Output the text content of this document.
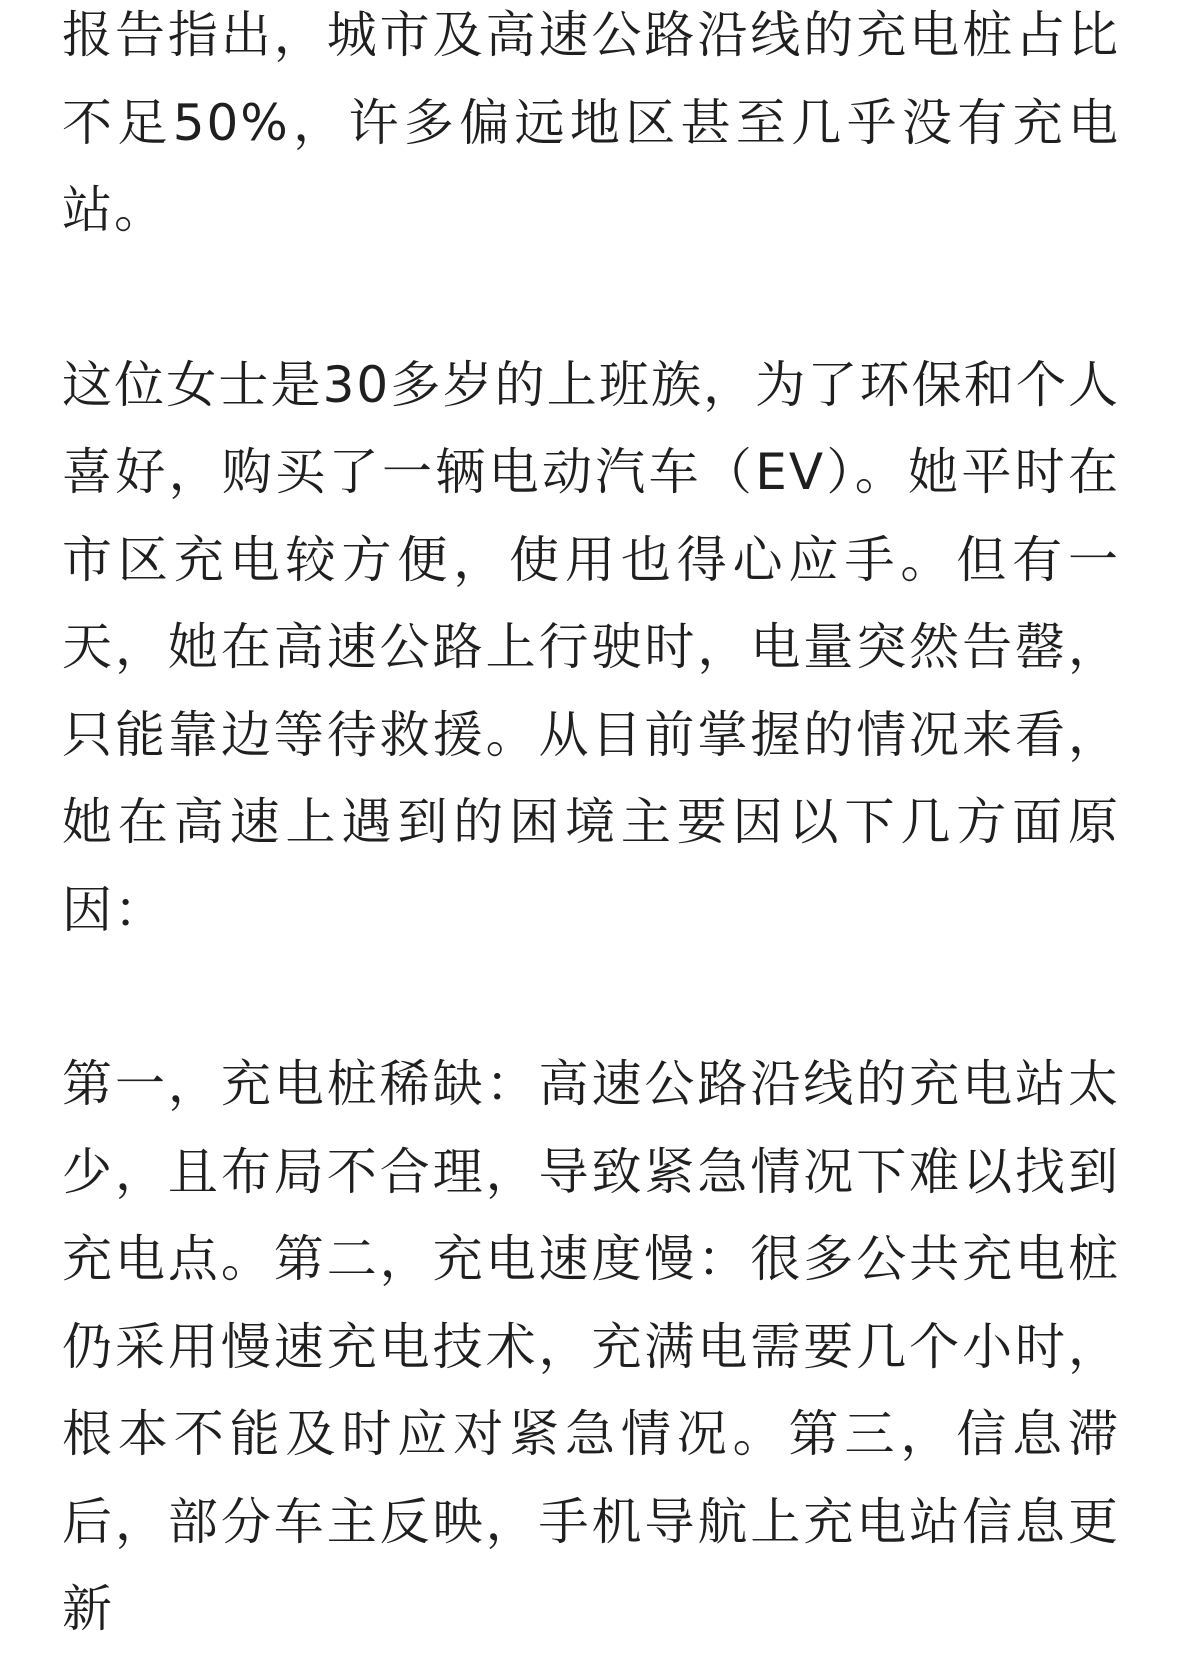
报告指出，城市及高速公路沿线的充电桩占比不足50%，许多偏远地区甚至几乎没有充电站。

这位女士是30多岁的上班族，为了环保和个人喜好，购买了一辆电动汽车（EV）。她平时在市区充电较方便，使用也得心应手。但有一天，她在高速公路上行驶时，电量突然告罄，只能靠边等待救援。从目前掌握的情况来看，她在高速上遇到的困境主要因以下几方面原因：

第一，充电桩稀缺：高速公路沿线的充电站太少，且布局不合理，导致紧急情况下难以找到充电点。第二，充电速度慢：很多公共充电桩仍采用慢速充电技术，充满电需要几个小时，根本不能及时应对紧急情况。第三，信息滞后，部分车主反映，手机导航上充电站信息更新
